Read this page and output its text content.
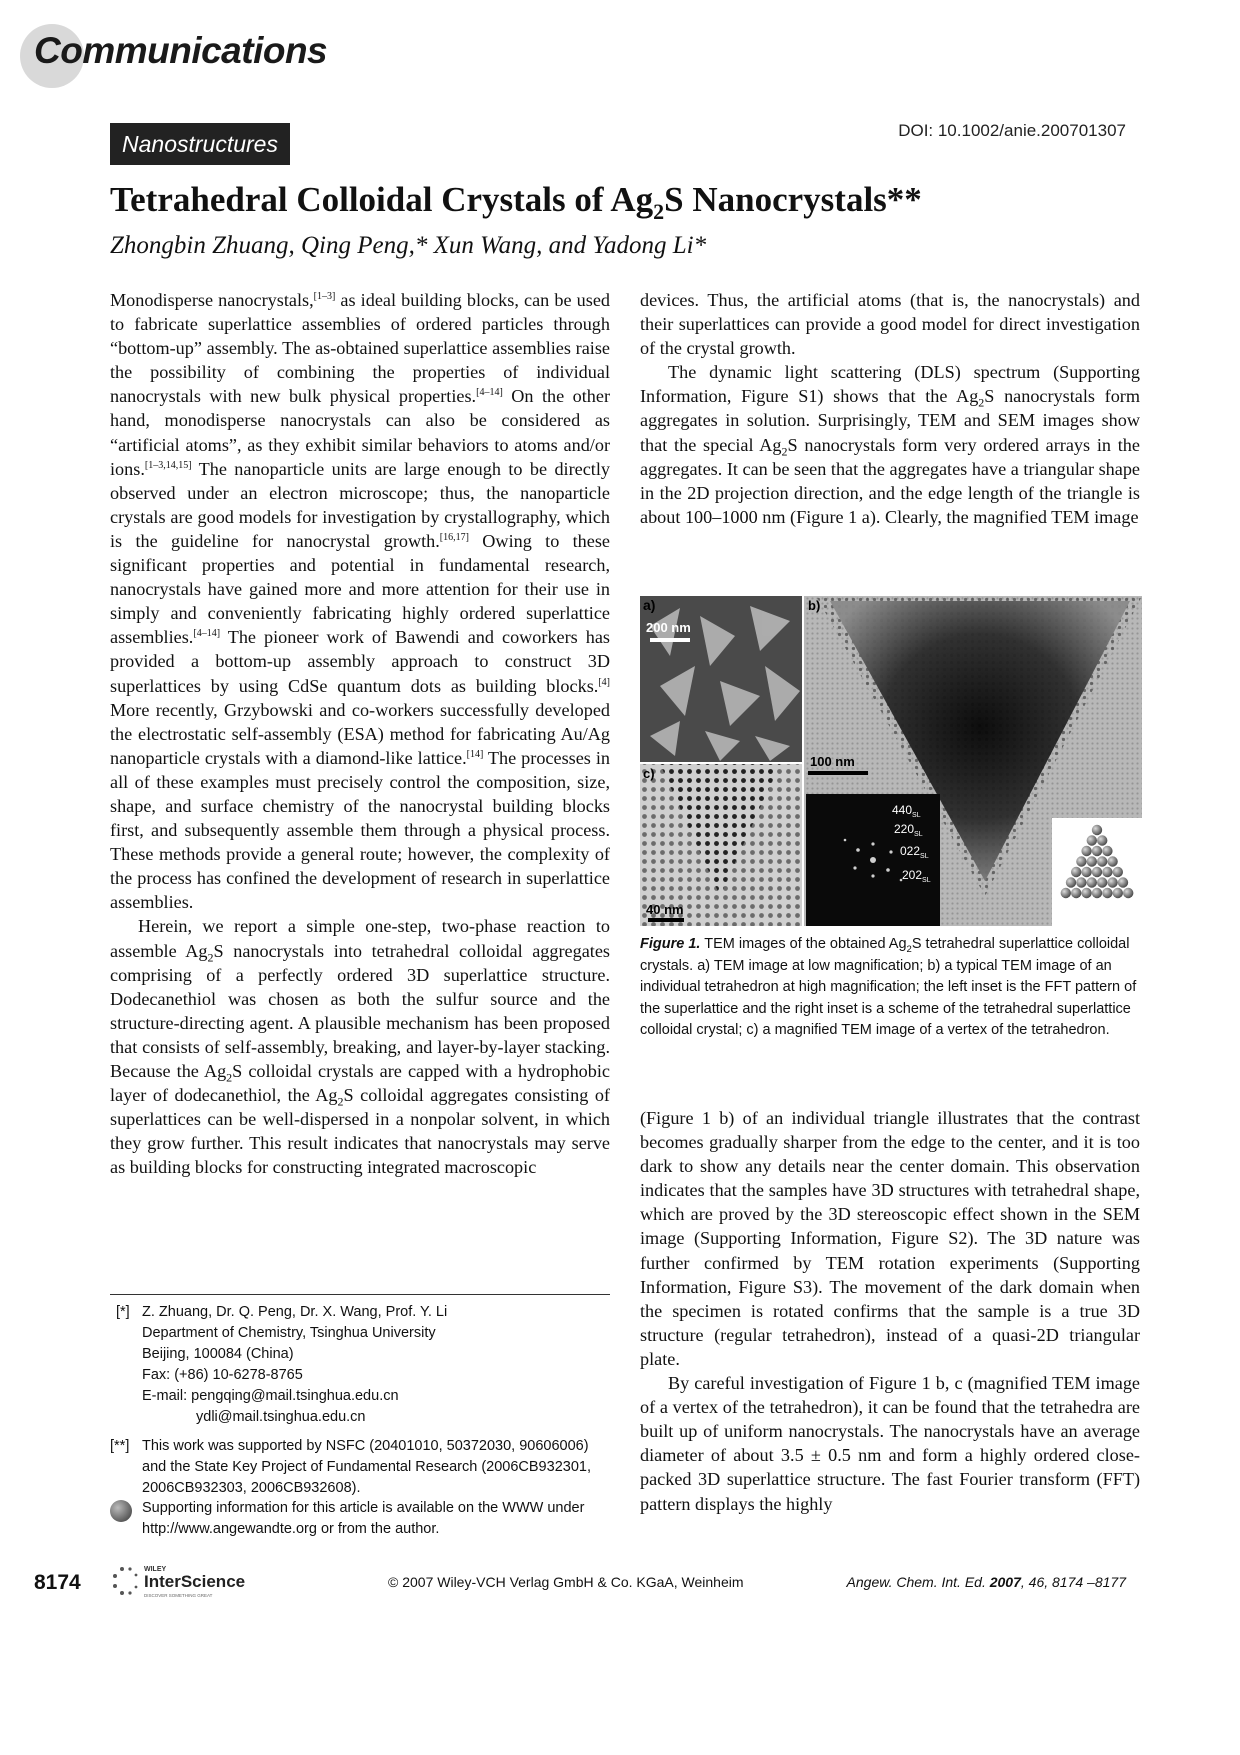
Communications
Nanostructures
DOI: 10.1002/anie.200701307
Tetrahedral Colloidal Crystals of $Ag_2S$ Nanocrystals**
Zhongbin Zhuang, Qing Peng,* Xun Wang, and Yadong Li*

Monodisperse nanocrystals,[1–3] as ideal building blocks, can be used to fabricate superlattice assemblies of ordered particles through “bottom-up” assembly. The as-obtained superlattice assemblies raise the possibility of combining the properties of individual nanocrystals with new bulk physical properties.[4–14] On the other hand, monodisperse nanocrystals can also be considered as “artificial atoms”, as they exhibit similar behaviors to atoms and/or ions.[1–3,14,15] The nanoparticle units are large enough to be directly observed under an electron microscope; thus, the nanoparticle crystals are good models for investigation by crystallography, which is the guideline for nanocrystal growth.[16,17] Owing to these significant properties and potential in fundamental research, nanocrystals have gained more and more attention for their use in simply and conveniently fabricating highly ordered superlattice assemblies.[4–14] The pioneer work of Bawendi and coworkers has provided a bottom-up assembly approach to construct 3D superlattices by using CdSe quantum dots as building blocks.[4] More recently, Grzybowski and co-workers successfully developed the electrostatic self-assembly (ESA) method for fabricating Au/Ag nanoparticle crystals with a diamond-like lattice.[14] The processes in all of these examples must precisely control the composition, size, shape, and surface chemistry of the nanocrystal building blocks first, and subsequently assemble them through a physical process. These methods provide a general route; however, the complexity of the process has confined the development of research in superlattice assemblies.

Herein, we report a simple one-step, two-phase reaction to assemble $Ag_2S$ nanocrystals into tetrahedral colloidal aggregates comprising of a perfectly ordered 3D superlattice structure. Dodecanethiol was chosen as both the sulfur source and the structure-directing agent. A plausible mechanism has been proposed that consists of self-assembly, breaking, and layer-by-layer stacking. Because the $Ag_2S$ colloidal crystals are capped with a hydrophobic layer of dodecanethiol, the $Ag_2S$ colloidal aggregates consisting of superlattices can be well-dispersed in a nonpolar solvent, in which they grow further. This result indicates that nanocrystals may serve as building blocks for constructing integrated macroscopic

devices. Thus, the artificial atoms (that is, the nanocrystals) and their superlattices can provide a good model for direct investigation of the crystal growth.

The dynamic light scattering (DLS) spectrum (Supporting Information, Figure S1) shows that the $Ag_2S$ nanocrystals form aggregates in solution. Surprisingly, TEM and SEM images show that the special $Ag_2S$ nanocrystals form very ordered arrays in the aggregates. It can be seen that the aggregates have a triangular shape in the 2D projection direction, and the edge length of the triangle is about 100–1000 nm (Figure 1 a). Clearly, the magnified TEM image

a)
200 nm
c)
40 nm
b)
100 nm
$440_{SL}$
$220_{SL}$
$022_{SL}$
$202_{SL}$
Figure 1. TEM images of the obtained $Ag_2S$ tetrahedral superlattice colloidal crystals. a) TEM image at low magnification; b) a typical TEM image of an individual tetrahedron at high magnification; the left inset is the FFT pattern of the superlattice and the right inset is a scheme of the tetrahedral superlattice colloidal crystal; c) a magnified TEM image of a vertex of the tetrahedron.

(Figure 1 b) of an individual triangle illustrates that the contrast becomes gradually sharper from the edge to the center, and it is too dark to show any details near the center domain. This observation indicates that the samples have 3D structures with tetrahedral shape, which are proved by the 3D stereoscopic effect shown in the SEM image (Supporting Information, Figure S2). The 3D nature was further confirmed by TEM rotation experiments (Supporting Information, Figure S3). The movement of the dark domain when the specimen is rotated confirms that the sample is a true 3D structure (regular tetrahedron), instead of a quasi-2D triangular plate.

By careful investigation of Figure 1 b, c (magnified TEM image of a vertex of the tetrahedron), it can be found that the tetrahedra are built up of uniform nanocrystals. The nanocrystals have an average diameter of about 3.5 ± 0.5 nm and form a highly ordered close-packed 3D superlattice structure. The fast Fourier transform (FFT) pattern displays the highly

[*] Z. Zhuang, Dr. Q. Peng, Dr. X. Wang, Prof. Y. Li
Department of Chemistry, Tsinghua University
Beijing, 100084 (China)
Fax: (+86) 10-6278-8765
E-mail: pengqing@mail.tsinghua.edu.cn
ydli@mail.tsinghua.edu.cn
[**] This work was supported by NSFC (20401010, 50372030, 90606006) and the State Key Project of Fundamental Research (2006CB932301, 2006CB932303, 2006CB932608).
Supporting information for this article is available on the WWW under http://www.angewandte.org or from the author.
8174
WILEY
InterScience
DISCOVER SOMETHING GREAT
© 2007 Wiley-VCH Verlag GmbH & Co. KGaA, Weinheim	Angew. Chem. Int. Ed. 2007, 46, 8174 –8177
